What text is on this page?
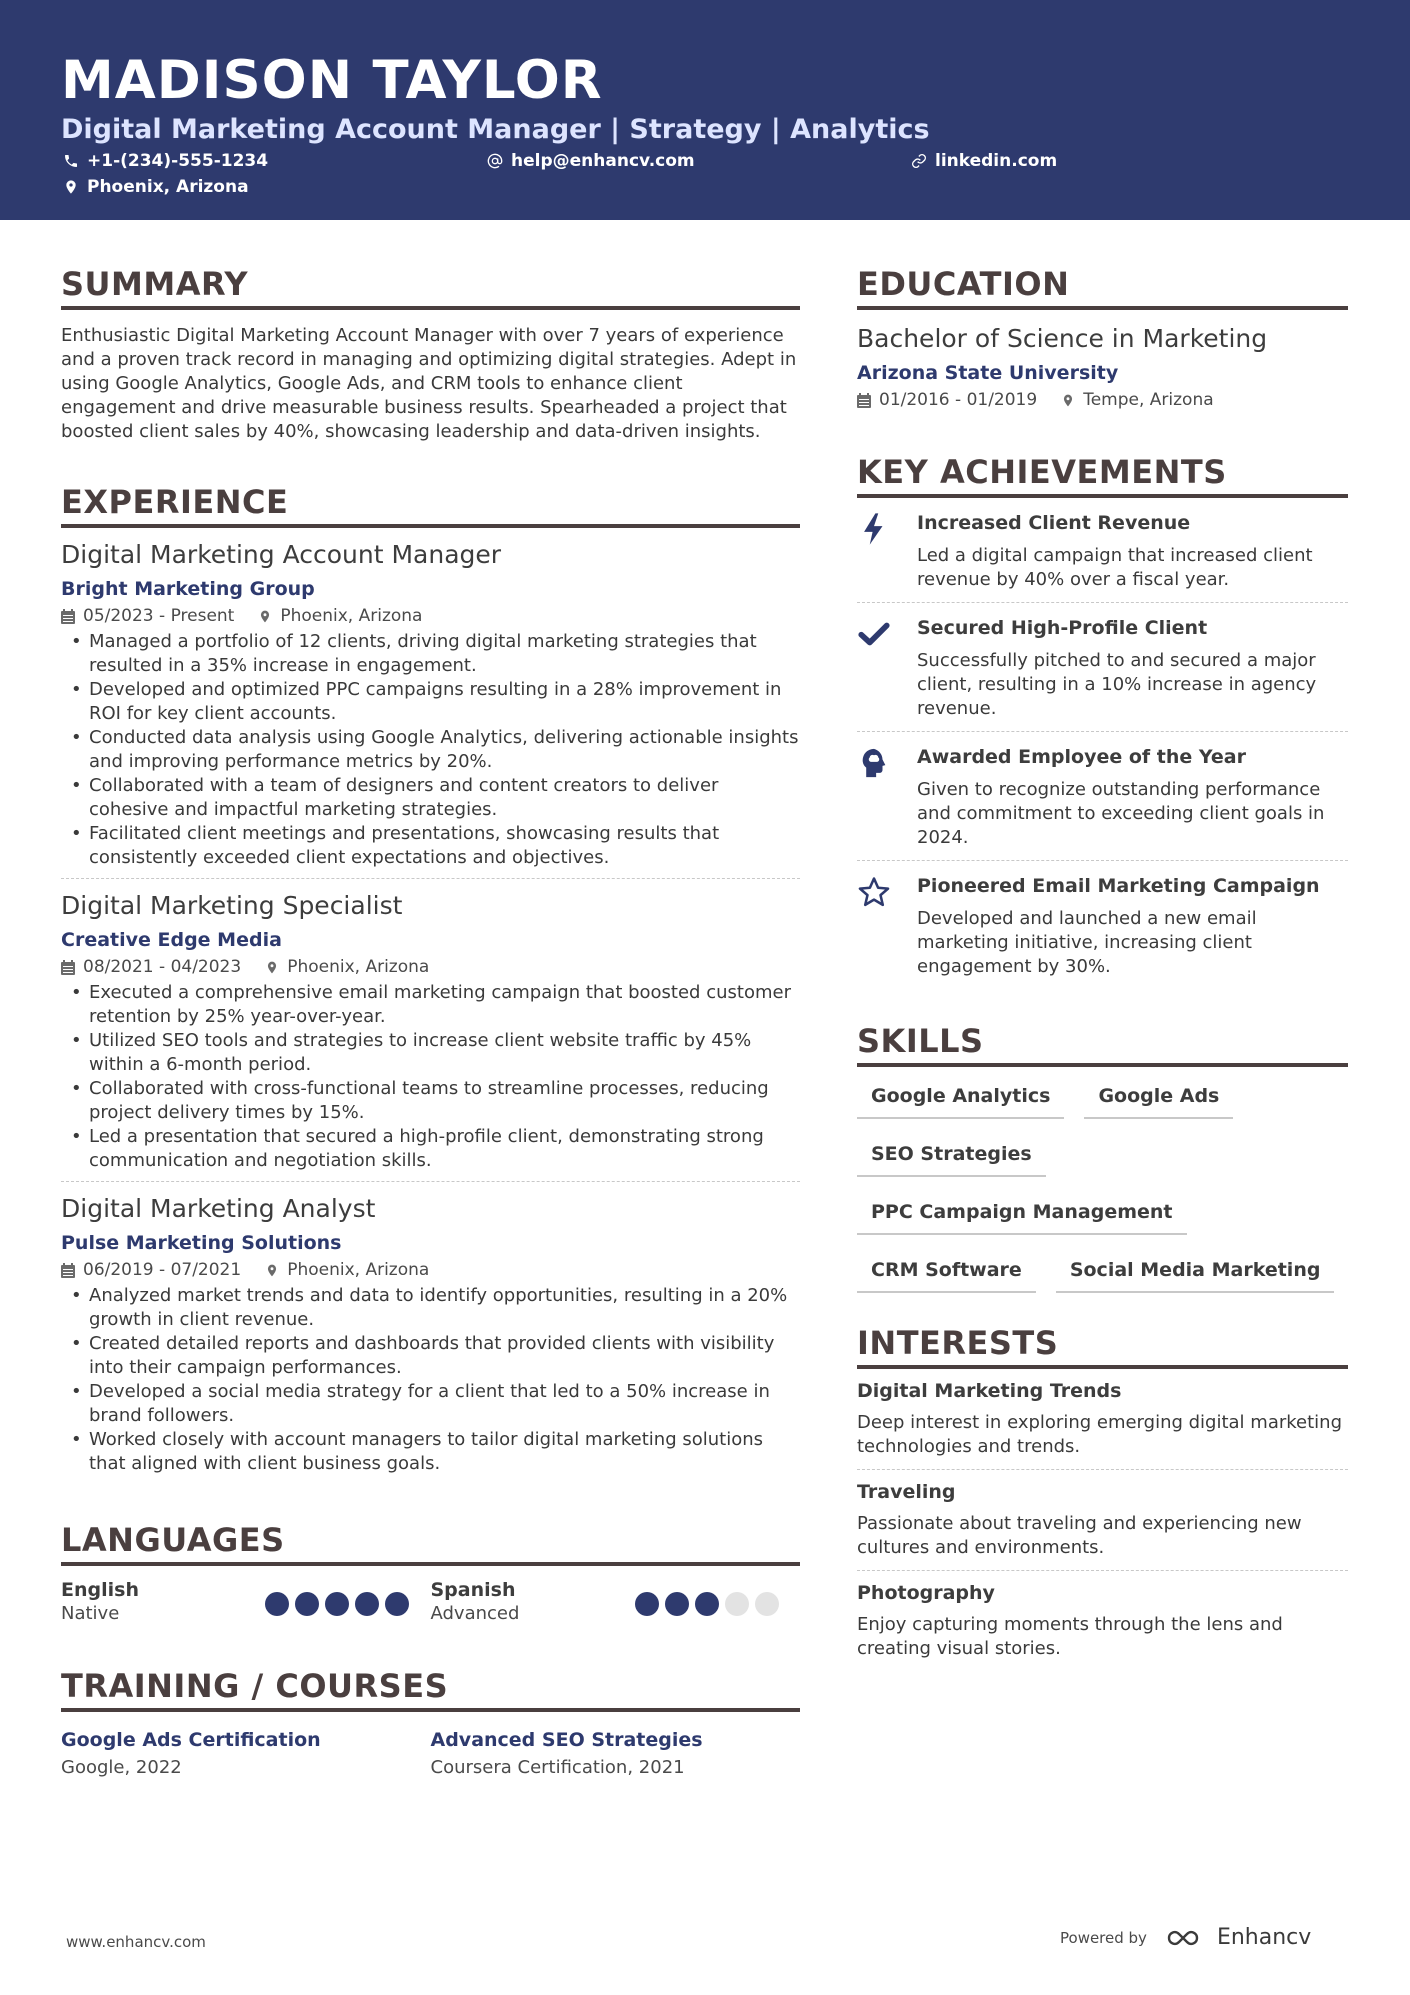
MADISON TAYLOR
Digital Marketing Account Manager | Strategy | Analytics
+1-(234)-555-1234	help@enhancv.com	linkedin.com
Phoenix, Arizona
SUMMARY
Enthusiastic Digital Marketing Account Manager with over 7 years of experience and a proven track record in managing and optimizing digital strategies. Adept in using Google Analytics, Google Ads, and CRM tools to enhance client engagement and drive measurable business results. Spearheaded a project that boosted client sales by 40%, showcasing leadership and data-driven insights.
EXPERIENCE
Digital Marketing Account Manager
Bright Marketing Group
05/2023 - Present	Phoenix, Arizona
• Managed a portfolio of 12 clients, driving digital marketing strategies that resulted in a 35% increase in engagement.
• Developed and optimized PPC campaigns resulting in a 28% improvement in ROI for key client accounts.
• Conducted data analysis using Google Analytics, delivering actionable insights and improving performance metrics by 20%.
• Collaborated with a team of designers and content creators to deliver cohesive and impactful marketing strategies.
• Facilitated client meetings and presentations, showcasing results that consistently exceeded client expectations and objectives.
Digital Marketing Specialist
Creative Edge Media
08/2021 - 04/2023	Phoenix, Arizona
• Executed a comprehensive email marketing campaign that boosted customer retention by 25% year-over-year.
• Utilized SEO tools and strategies to increase client website traffic by 45% within a 6-month period.
• Collaborated with cross-functional teams to streamline processes, reducing project delivery times by 15%.
• Led a presentation that secured a high-profile client, demonstrating strong communication and negotiation skills.
Digital Marketing Analyst
Pulse Marketing Solutions
06/2019 - 07/2021	Phoenix, Arizona
• Analyzed market trends and data to identify opportunities, resulting in a 20% growth in client revenue.
• Created detailed reports and dashboards that provided clients with visibility into their campaign performances.
• Developed a social media strategy for a client that led to a 50% increase in brand followers.
• Worked closely with account managers to tailor digital marketing solutions that aligned with client business goals.
LANGUAGES
English
Native
Spanish
Advanced
TRAINING / COURSES
Google Ads Certification
Google, 2022
Advanced SEO Strategies
Coursera Certification, 2021
EDUCATION
Bachelor of Science in Marketing
Arizona State University
01/2016 - 01/2019	Tempe, Arizona
KEY ACHIEVEMENTS
Increased Client Revenue
Led a digital campaign that increased client revenue by 40% over a fiscal year.
Secured High-Profile Client
Successfully pitched to and secured a major client, resulting in a 10% increase in agency revenue.
Awarded Employee of the Year
Given to recognize outstanding performance and commitment to exceeding client goals in 2024.
Pioneered Email Marketing Campaign
Developed and launched a new email marketing initiative, increasing client engagement by 30%.
SKILLS
Google Analytics	Google Ads
SEO Strategies
PPC Campaign Management
CRM Software	Social Media Marketing
INTERESTS
Digital Marketing Trends
Deep interest in exploring emerging digital marketing technologies and trends.
Traveling
Passionate about traveling and experiencing new cultures and environments.
Photography
Enjoy capturing moments through the lens and creating visual stories.
www.enhancv.com	Powered by	Enhancv
